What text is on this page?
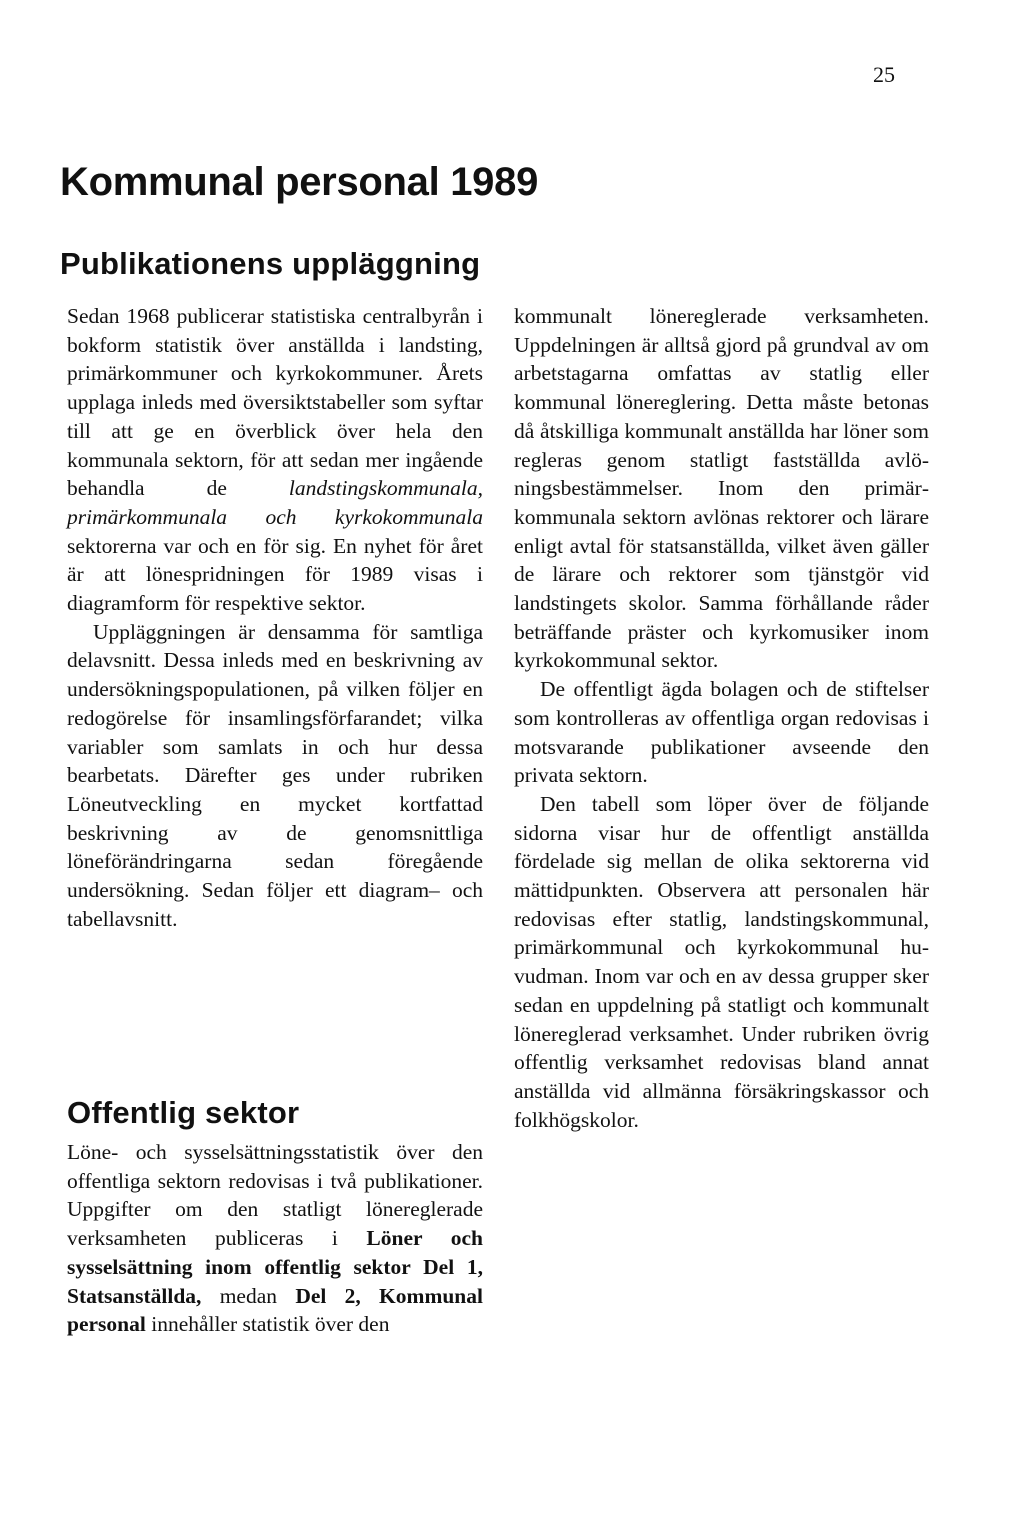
25
Kommunal personal 1989
Publikationens uppläggning

Sedan 1968 publicerar statistiska centralbyrån i bokform statistik över anställda i landsting, primärkommuner och kyrkokommuner. Årets upplaga inleds med översiktstabeller som syftar till att ge en överblick över hela den kommunala sektorn, för att sedan mer ingående behandla de landstingskommunala, primärkommunala och kyrkokommunala sektorerna var och en för sig. En nyhet för året är att lönespridningen för 1989 visas i diagramform för respektive sektor.

Uppläggningen är densamma för samtliga delavsnitt. Dessa inleds med en beskrivning av undersökningspopulationen, på vilken följer en redogörelse för insamlingsförfarandet; vilka variabler som samlats in och hur dessa bearbetats. Därefter ges under rubriken Löneutveckling en mycket kortfattad beskrivning av de genomsnittliga löneförändringarna sedan föregående undersökning. Sedan följer ett diagram– och tabellavsnitt.

Offentlig sektor

Löne- och sysselsättningsstatistik över den offentliga sektorn redovisas i två publikationer. Uppgifter om den statligt lönereglerade verksamheten publiceras i Löner och sysselsättning inom offentlig sektor Del 1, Statsanställda, medan Del 2, Kommunal personal innehåller statistik över den

kommunalt lönereglerade verksamheten. Uppdelningen är alltså gjord på grundval av om arbetstagarna omfattas av statlig eller kommunal lönereglering. Detta måste betonas då åtskilliga kommunalt anställda har löner som regleras genom statligt fastställda avlöningsbestämmelser. Inom den primärkommunala sektorn avlönas rektorer och lärare enligt avtal för statsanställda, vilket även gäller de lärare och rektorer som tjänstgör vid landstingets skolor. Samma förhållande råder beträffande präster och kyrkomusiker inom kyrkokommunal sektor.

De offentligt ägda bolagen och de stiftelser som kontrolleras av offentliga organ redovisas i motsvarande publikationer avseende den privata sektorn.

Den tabell som löper över de följande sidorna visar hur de offentligt anställda fördelade sig mellan de olika sektorerna vid mättidpunkten. Observera att personalen här redovisas efter statlig, landstingskommunal, primärkommunal och kyrkokommunal huvudman. Inom var och en av dessa grupper sker sedan en uppdelning på statligt och kommunalt lönereglerad verksamhet. Under rubriken övrig offentlig verksamhet redovisas bland annat anställda vid allmänna försäkringskassor och folkhögskolor.
